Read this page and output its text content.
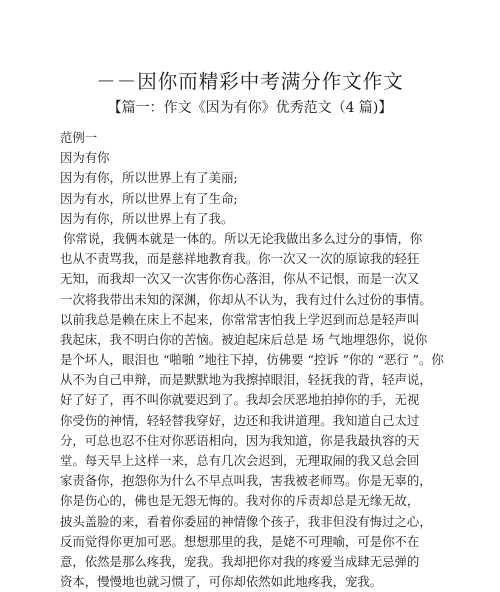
－－因你而精彩中考满分作文作文
【篇一：作文《因为有你》优秀范文（4 篇)】
范例一
因为有你
因为有你，所以世界上有了美丽;
因为有水，所以世界上有了生命;
因为有你，所以世界上有了我。
你常说，我俩本就是一体的。所以无论我做出多么过分的事情，你
也从不责骂我，而是慈祥地教育我。你一次又一次的原谅我的轻狂
无知，而我却一次又一次害你伤心落泪，你从不记恨，而是一次又
一次将我带出未知的深渊，你却从不认为，我有过什么过份的事情。
以前我总是赖在床上不起来，你常常害怕我上学迟到而总是轻声叫
我起床，我不明白你的苦恼。被迫起床后总是 场 气地埋怨你，说你
是个坏人，眼泪也 “啪啪 ”地往下掉，仿佛要 “控诉 ”你的 “恶行 ”。你
从不为自己申辩，而是默默地为我擦掉眼泪，轻抚我的背，轻声说，
好了好了，再不叫你就要迟到了。我却会厌恶地拍掉你的手，无视
你受伤的神情，轻轻替我穿好，边还和我讲道理。我知道自己太过
分，可总也忍不住对你恶语相向，因为我知道，你是我最执容的天
堂。每天早上这样一来，总有几次会迟到，无理取闹的我又总会回
家责备你，抱怨你为什么不早点叫我，害我被老师骂。你是无辜的，
你是伤心的，佛也是无怨无悔的。我对你的斥责却总是无缘无故，
披头盖脸的来，看着你委屈的神情像个孩子，我非但没有悔过之心，
反而觉得你更加可恶。想想那里的我，是姥不可理喻，可是你不在
意，依然是那么疼我，宠我。我却把你对我的疼爱当成肆无忌弹的
资本，慢慢地也就习惯了，可你却依然如此地疼我，宠我。
